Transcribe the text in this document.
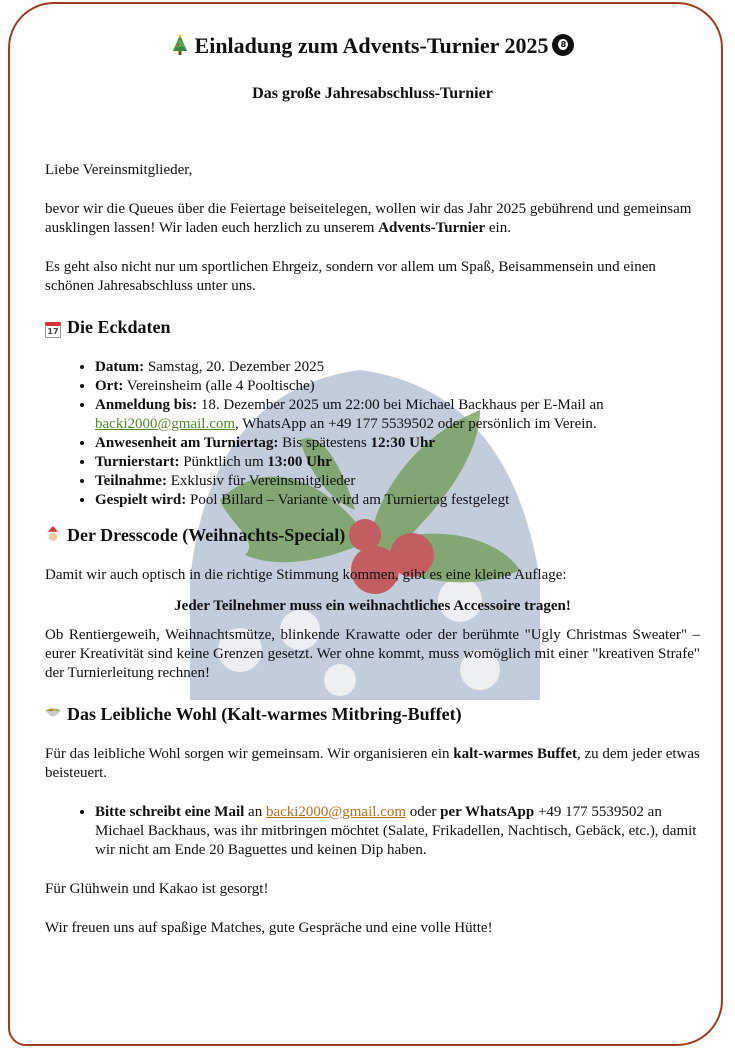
Einladung zum Advents-Turnier 2025 8

Das große Jahresabschluss-Turnier

Liebe Vereinsmitglieder,

bevor wir die Queues über die Feiertage beiseitelegen, wollen wir das Jahr 2025 gebührend und gemeinsam ausklingen lassen! Wir laden euch herzlich zu unserem Advents-Turnier ein.

Es geht also nicht nur um sportlichen Ehrgeiz, sondern vor allem um Spaß, Beisammensein und einen schönen Jahresabschluss unter uns.

17 Die Eckdaten
• Datum: Samstag, 20. Dezember 2025
• Ort: Vereinsheim (alle 4 Pooltische)
• Anmeldung bis: 18. Dezember 2025 um 22:00 bei Michael Backhaus per E-Mail an backi2000@gmail.com, WhatsApp an +49 177 5539502 oder persönlich im Verein.
• Anwesenheit am Turniertag: Bis spätestens 12:30 Uhr
• Turnierstart: Pünktlich um 13:00 Uhr
• Teilnahme: Exklusiv für Vereinsmitglieder
• Gespielt wird: Pool Billard – Variante wird am Turniertag festgelegt
Der Dresscode (Weihnachts-Special)

Damit wir auch optisch in die richtige Stimmung kommen, gibt es eine kleine Auflage:

Jeder Teilnehmer muss ein weihnachtliches Accessoire tragen!

Ob Rentiergeweih, Weihnachtsmütze, blinkende Krawatte oder der berühmte "Ugly Christmas Sweater" – eurer Kreativität sind keine Grenzen gesetzt. Wer ohne kommt, muss womöglich mit einer "kreativen Strafe" der Turnierleitung rechnen!

Das Leibliche Wohl (Kalt-warmes Mitbring-Buffet)

Für das leibliche Wohl sorgen wir gemeinsam. Wir organisieren ein kalt-warmes Buffet, zu dem jeder etwas beisteuert.

• Bitte schreibt eine Mail an backi2000@gmail.com oder per WhatsApp +49 177 5539502 an Michael Backhaus, was ihr mitbringen möchtet (Salate, Frikadellen, Nachtisch, Gebäck, etc.), damit wir nicht am Ende 20 Baguettes und keinen Dip haben.

Für Glühwein und Kakao ist gesorgt!

Wir freuen uns auf spaßige Matches, gute Gespräche und eine volle Hütte!
